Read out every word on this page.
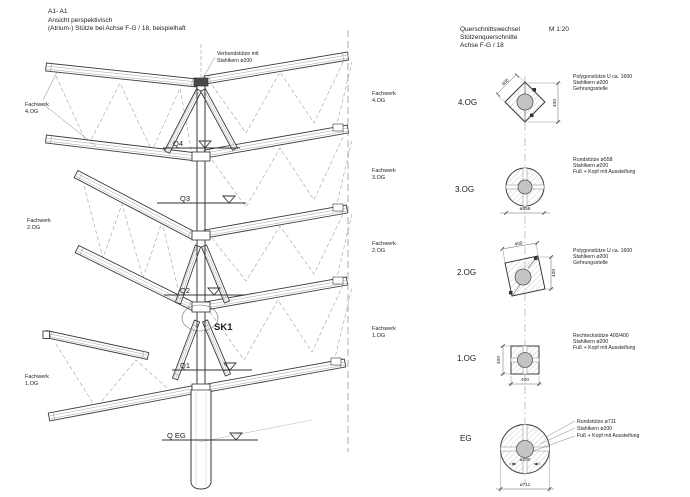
A1- A1
Ansicht perspektivisch
(Atrium-) Stütze bei Achse F-G / 18, beispielhaft
Verbundstütze mit
Stahlkern ø200
Fachwerk
4.OG
Fachwerk
2.OG
Fachwerk
1.OG
Fachwerk
4.OG
Fachwerk
3.OG
Fachwerk
2.OG
Fachwerk
1.OG
Q4
Q3
Q2
Q1
Q EG
SK1
Querschnittswechsel	M 1:20
Stützenquerschnitte
Achse F-G / 18
4.OG
400
400
Polygonstütze U ca. 1600
Stahlkern ø200
Gehrungsstelle
3.OG
ø558
Rundstütze ø558
Stahlkern ø200
Fuß + Kopf mit Aussteifung
2.OG
400
400
Polygonstütze U ca. 1600
Stahlkern ø200
Gehrungsstelle
1.OG	400
400
Rechteckstütze 400/400
Stahlkern ø200
Fuß + Kopf mit Aussteifung
EG
ø200
ø711
Rundstütze ø711
Stahlkern ø200
Fuß + Kopf mit Aussteifung
